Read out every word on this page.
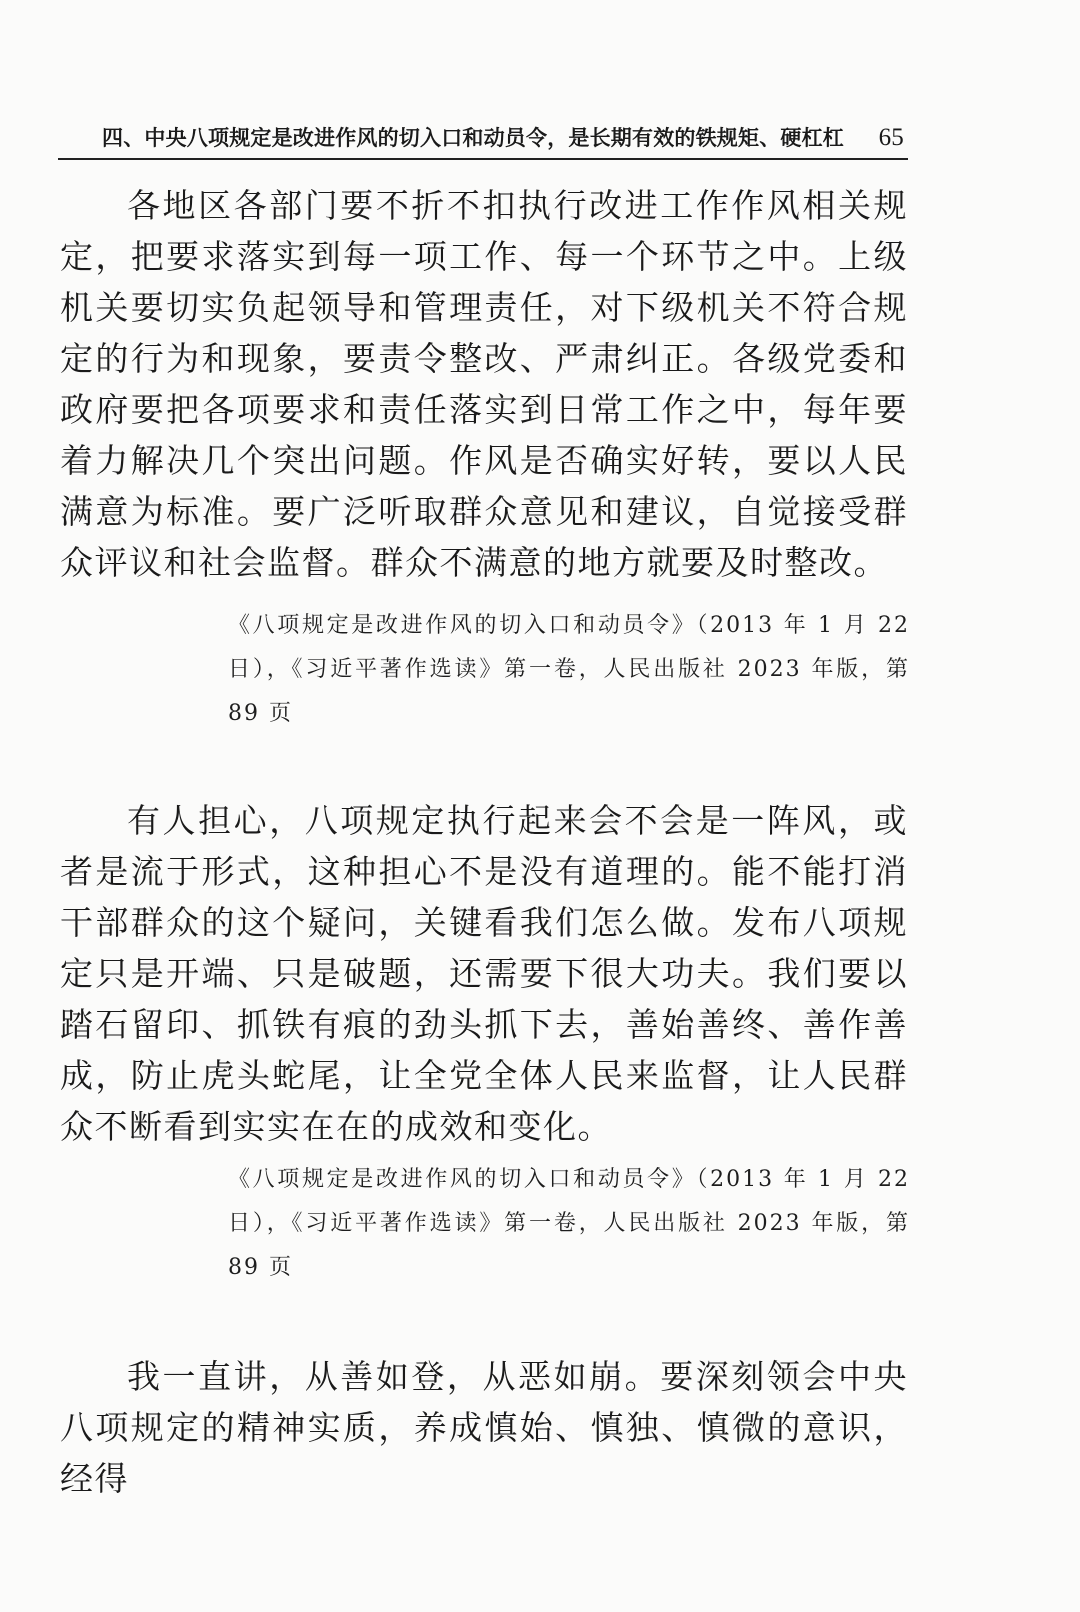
四、中央八项规定是改进作风的切入口和动员令，是长期有效的铁规矩、硬杠杠 65

各地区各部门要不折不扣执行改进工作作风相关规定，把要求落实到每一项工作、每一个环节之中。上级机关要切实负起领导和管理责任，对下级机关不符合规定的行为和现象，要责令整改、严肃纠正。各级党委和政府要把各项要求和责任落实到日常工作之中，每年要着力解决几个突出问题。作风是否确实好转，要以人民满意为标准。要广泛听取群众意见和建议，自觉接受群众评议和社会监督。群众不满意的地方就要及时整改。

《八项规定是改进作风的切入口和动员令》（2013 年 1 月 22 日），《习近平著作选读》第一卷，人民出版社 2023 年版，第 89 页

有人担心，八项规定执行起来会不会是一阵风，或者是流于形式，这种担心不是没有道理的。能不能打消干部群众的这个疑问，关键看我们怎么做。发布八项规定只是开端、只是破题，还需要下很大功夫。我们要以踏石留印、抓铁有痕的劲头抓下去，善始善终、善作善成，防止虎头蛇尾，让全党全体人民来监督，让人民群众不断看到实实在在的成效和变化。

《八项规定是改进作风的切入口和动员令》（2013 年 1 月 22 日），《习近平著作选读》第一卷，人民出版社 2023 年版，第 89 页

我一直讲，从善如登，从恶如崩。要深刻领会中央八项规定的精神实质，养成慎始、慎独、慎微的意识，经得
